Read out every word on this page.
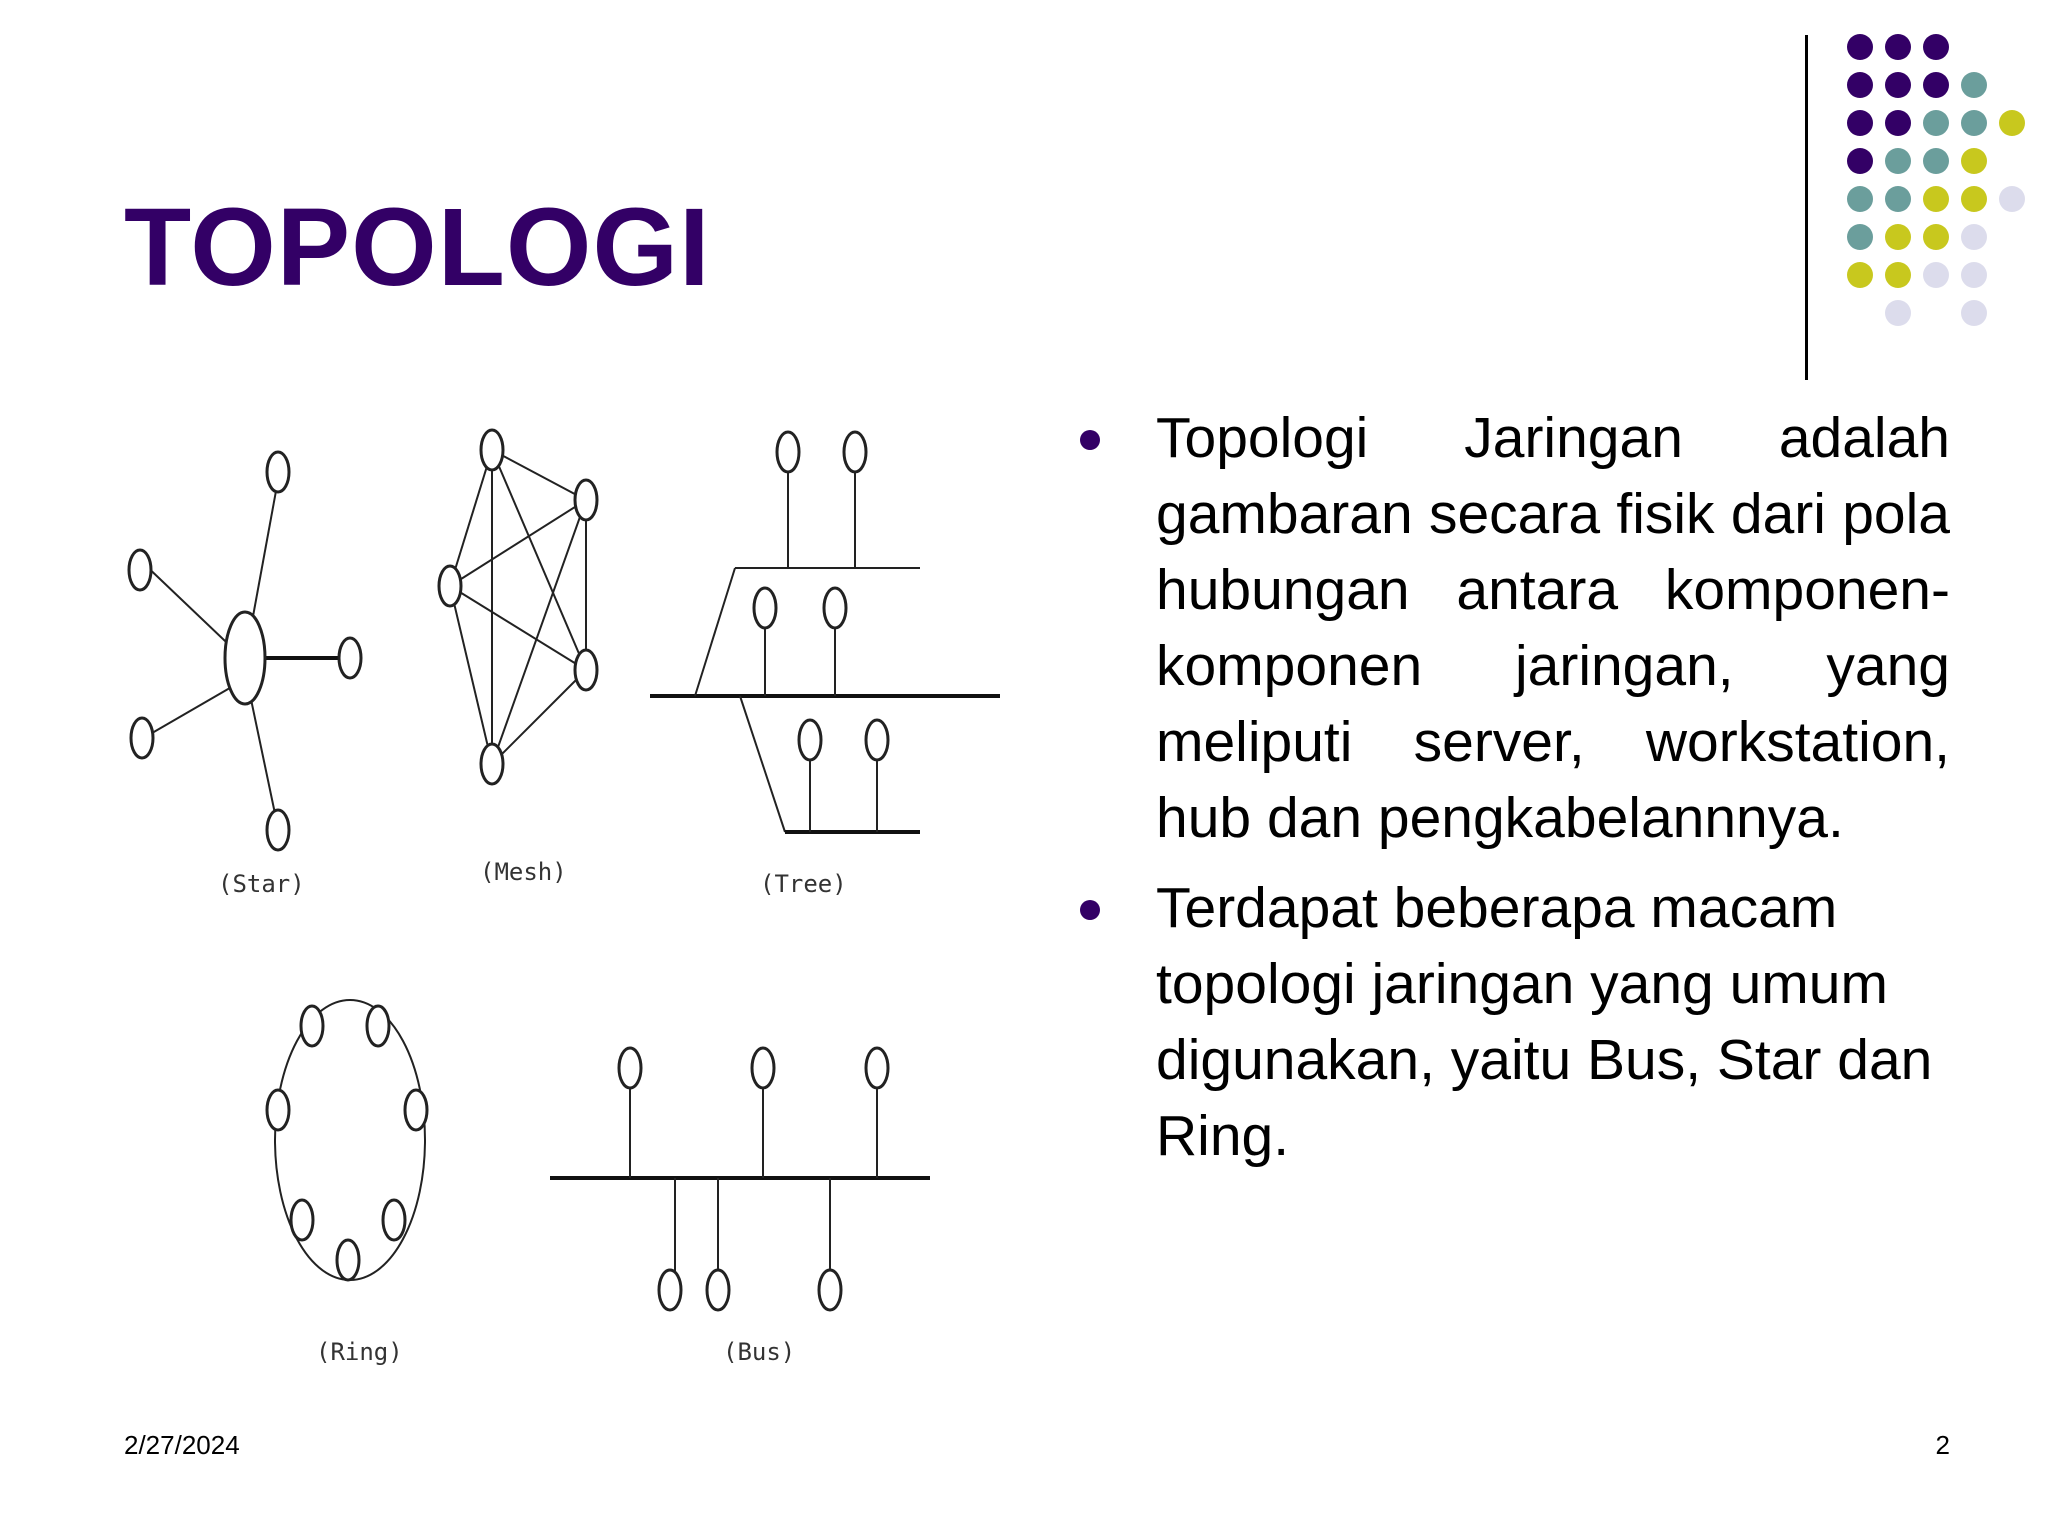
TOPOLOGI
(Star)	(Mesh)	(Tree)
(Ring)	(Bus)

Topologi Jaringan adalah gambaran secara fisik dari pola hubungan antara komponen-komponen jaringan, yang meliputi server, workstation, hub dan pengkabelannnya.

Terdapat beberapa macam topologi jaringan yang umum digunakan, yaitu Bus, Star dan Ring.

2/27/2024	2
